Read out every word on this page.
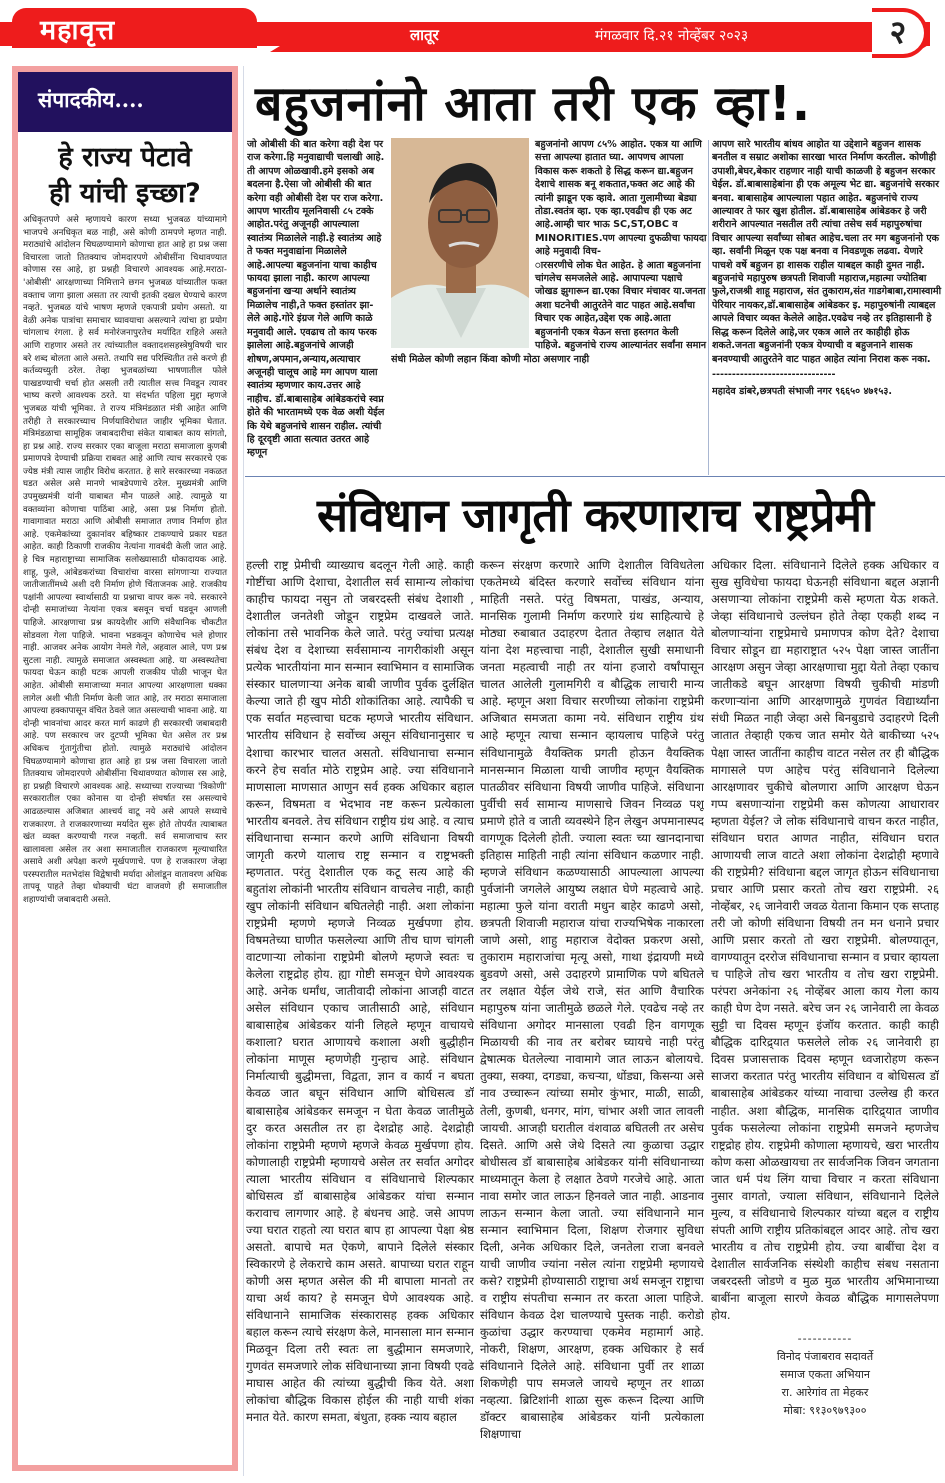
महावृत्त	लातूर	मंगळवार दि.२१ नोव्हेंबर २०२३	२
संपादकीय....
हे राज्य पेटावे
ही यांची इच्छा?
अधिकृतपणे असे म्हणायचे कारण सध्या भुजबळ यांच्यामागे भाजपचे अनधिकृत बळ नाही, असे कोणी ठामपणे म्हणत नाही. मराठ्यांचे आंदोलन चिघळण्यामागे कोणाचा हात आहे हा प्रश्न जसा विचारला जातो तितक्याच जोमदारपणे ओबीसींना चिथावण्यात कोणास रस आहे, हा प्रश्नही विचारणे आवश्यक आहे.मराठा-'ओबीसी' आरक्षणाच्या निमित्ताने छगन भुजबळ यांच्यातील फक्त वक्ताच जागा झाला असता तर त्याची इतकी दखल घेण्याचे कारण नव्हते. भुजबळ यांचे भाषण म्हणजे एकपात्री प्रयोग असतो. या वेळी अनेक पात्रांचा समाचार घ्यावयाचा असल्याने त्यांचा हा प्रयोग चांगलाच रंगला. हे सर्व मनोरंजनापुरतेच मर्यादित राहिले असते आणि राहणार असते तर त्यांच्यातील वक्तादशसहस्त्रेषुविषयी चार बरे शब्द बोलता आले असते. तथापि सद्य परिस्थितीत तसे करणे ही कर्तव्यच्युती ठरेल. तेव्हा भुजबळांच्या भाषणातील फोले पाखडण्याची चर्चा होत असली तरी त्यातील सत्त्व निवडून त्यावर भाष्य करणे आवश्यक ठरते. या संदर्भात पहिला मुद्दा म्हणजे भुजबळ यांची भूमिका. ते राज्य मंत्रिमंडळात मंत्री आहेत आणि तरीही ते सरकारच्याच निर्णयाविरोधात जाहीर भूमिका घेतात. मंत्रिमंडळाचा सामूहिक जबाबदारीचा संकेत याबाबत काय सांगतो, हा प्रश्न आहे. राज्य सरकार एका बाजूला मराठा समाजाला कुणबी प्रमाणपत्रे देण्याची प्रक्रिया राबवत आहे आणि त्याच सरकारचे एक ज्येष्ठ मंत्री त्यास जाहीर विरोध करतात. हे सारे सरकारच्या नकळत घडत असेल असे मानणे भाबडेपणाचे ठरेल. मुख्यमंत्री आणि उपमुख्यमंत्री यांनी याबाबत मौन पाळले आहे. त्यामुळे या वक्तव्यांना कोणाचा पाठिंबा आहे, असा प्रश्न निर्माण होतो. गावागावात मराठा आणि ओबीसी समाजात तणाव निर्माण होत आहे. एकमेकांच्या दुकानांवर बहिष्कार टाकण्याचे प्रकार घडत आहेत. काही ठिकाणी राजकीय नेत्यांना गावबंदी केली जात आहे. हे चित्र महाराष्ट्राच्या सामाजिक सलोख्यासाठी धोकादायक आहे. शाहू, फुले, आंबेडकरांच्या विचारांचा वारसा सांगणाऱ्या राज्यात जातीजातींमध्ये अशी दरी निर्माण होणे चिंताजनक आहे. राजकीय पक्षांनी आपल्या स्वार्थासाठी या प्रश्नाचा वापर करू नये. सरकारने दोन्ही समाजांच्या नेत्यांना एकत्र बसवून चर्चा घडवून आणली पाहिजे. आरक्षणाचा प्रश्न कायदेशीर आणि संवैधानिक चौकटीत सोडवला गेला पाहिजे. भावना भडकवून कोणाचेच भले होणार नाही. आजवर अनेक आयोग नेमले गेले, अहवाल आले, पण प्रश्न सुटला नाही. त्यामुळे समाजात अस्वस्थता आहे. या अस्वस्थतेचा फायदा घेऊन काही घटक आपली राजकीय पोळी भाजून घेत आहेत. ओबीसी समाजाच्या मनात आपल्या आरक्षणाला धक्का लागेल अशी भीती निर्माण केली जात आहे, तर मराठा समाजाला आपल्या हक्कापासून वंचित ठेवले जात असल्याची भावना आहे. या दोन्ही भावनांचा आदर करत मार्ग काढणे ही सरकारची जबाबदारी आहे. पण सरकारच जर दुटप्पी भूमिका घेत असेल तर प्रश्न अधिकच गुंतागुंतीचा होतो. त्यामुळे मराठ्यांचे आंदोलन चिघळण्यामागे कोणाचा हात आहे हा प्रश्न जसा विचारला जातो तितक्याच जोमदारपणे ओबीसींना चिथावण्यात कोणास रस आहे, हा प्रश्नही विचारणे आवश्यक आहे. सध्याच्या राज्याच्या 'त्रिकोणी' सरकारातील एका कोनास या दोन्ही संघर्षात रस असल्याचे आढळल्यास अजिबात आश्चर्य वाटू नये असे आपले सध्याचे राजकारण. ते राजकारणाच्या मर्यादेत सुरू होते तोपर्यंत त्याबाबत खंत व्यक्त करण्याची गरज नव्हती. सर्व समाजाचाच स्तर खालावला असेल तर अशा समाजातील राजकारण मूल्याधारित असावे अशी अपेक्षा करणे मूर्खपणाचे. पण हे राजकारण जेव्हा परस्परातील मतभेदांस विद्वेषाची मर्यादा ओलांडून वातावरण अधिक तापवू पाहते तेव्हा धोक्याची घंटा वाजवणे ही समाजातील शहाण्यांची जबाबदारी असते.
बहुजनांनो आता तरी एक व्हा!.
जो ओबीसी की बात करेगा वही देश पर राज करेगा.हि मनुवाद्याची चलाखी आहे. ती आपण ओळखावी.हमे इसको अब बदलना है.ऐसा जो ओबीसी की बात करेगा वही ओबीसी देश पर राज करेगा. आपण भारतीय मूलनिवासी ८५ टक्के आहोत.परंतु अजूनही आपल्याला स्वातंत्र्य मिळालेले नाही.हे स्वातंत्र्य आहे ते फक्त मनुवाद्यांना मिळालेले आहे.आपल्या बहुजनांना याचा काहीच फायदा झाला नाही. कारण आपल्या बहुजनांना खऱ्या अर्थाने स्वातंत्र्य मिळालेच नाही,ते फक्त हस्तांतर झा-
लेले आहे.गोरे इंग्रज गेले आणि काळे मनुवादी आले. एवढाच तो काय फरक झालेला आहे.बहुजनांचे आजही शोषण,अपमान,अन्याय,अत्याचार अजूनही चालूच आहे मग आपण याला स्वातंत्र्य म्हणणार काय.उत्तर आहे नाहीच. डॉ.बाबासाहेब आंबेडकरांचे स्वप्न होते की भारतामध्ये एक वेळ अशी येईल कि येथे बहुजनांचे शासन राहील. त्यांची हि दूरदृष्टी आता सत्यात उतरत आहे म्हणून
बहुजनांनो आपण ८५% आहोत. एकत्र या आणि सत्ता आपल्या हातात घ्या. आपणच आपला विकास करू शकतो हे सिद्ध करून द्या.बहुजन देशाचे शासक बनू शकतात,फक्त अट आहे की त्यांनी झाडून एक व्हावे. आता गुलामीच्या बेड्या तोडा.स्वतंत्र व्हा. एक व्हा.एवढीच ही एक अट आहे.आम्ही चार भाऊ SC,ST,OBC व MINORITIES.पण आपल्या दुफळीचा फायदा आहे मनुवादी विच-
ारसरणीचे लोक घेत आहेत. हे आता बहुजनांना चांगलेच समजलेले आहे. आपापल्या पक्षाचे जोखड झुगारून द्या.एका विचार मंचावर या.जनता अशा घटनेची आतुरतेने वाट पाहत आहे.सर्वांचा विचार एक आहेत,उद्देश एक आहे.आता बहुजनांनी एकत्र येऊन सत्ता हस्तगत केली पाहिजे. बहुजनांचे राज्य आल्यानंतर सर्वांना समान संधी मिळेल कोणी लहान किंवा कोणी मोठा असणार नाही
आपण सारे भारतीय बांधव आहोत या उद्देशाने बहुजन शासक बनतील व सम्राट अशोका सारखा भारत निर्माण करतील. कोणीही उपाशी,बेघर,बेकार राहणार नाही याची काळजी हे बहुजन सरकार घेईल. डॉ.बाबासाहेबांना ही एक अमूल्य भेट द्या. बहुजनांचे सरकार बनवा. बाबासाहेब आपल्याला पहात आहेत. बहुजनांचे राज्य आल्यावर ते फार खुश होतील. डॉ.बाबासाहेब आंबेडकर हे जरी शरीराने आपल्यात नसतील तरी त्यांचा तसेच सर्व महापुरुषांचा विचार आपल्या सर्वांच्या सोबत आहेच.चला तर मग बहुजनांनो एक व्हा. सर्वांनी मिळून एक पक्ष बनवा व निवडणूक लढवा. येणारे पाचशे वर्षे बहुजन हा शासक राहील याबद्दल काही दुमत नाही. बहुजनांचे महापुरुष छत्रपती शिवाजी महाराज,महात्मा ज्योतिबा फुले,राजश्री शाहू महाराज, संत तुकाराम,संत गाडगेबाबा,रामास्वामी पेरियार नायकर,डॉ.बाबासाहेब आंबेडकर इ. महापुरुषांनी त्याबद्दल आपले विचार व्यक्त केलेले आहेत.एवढेच नव्हे तर इतिहासानी हे सिद्ध करून दिलेले आहे,जर एकत्र आले तर काहीही होऊ शकते.जनता बहुजनांनी एकत्र येण्याची व बहुजनाने शासक बनवण्याची आतुरतेने वाट पाहत आहेत त्यांना निराश करू नका.
-------------------------------
महादेव डांबरे,छत्रपती संभाजी नगर ९६६५० ४७१५३.
संविधान जागृती करणाराच राष्ट्रप्रेमी
हल्ली राष्ट्र प्रेमीची व्याख्याच बदलून गेली आहे. काही गोष्टींचा आणि देशाचा, देशातील सर्व सामान्य लोकांचा काहीच फायदा नसुन तो जबरदस्ती संबंध देशाशी , देशातील जनतेशी जोडून राष्ट्रप्रेम दाखवले जाते. लोकांना तसे भावनिक केले जाते. परंतु ज्यांचा प्रत्यक्ष संबंध देश व देशाच्या सर्वसामान्य नागरीकांशी असून प्रत्येक भारतीयांना मान सन्मान स्वाभिमान व सामाजिक संस्कार घालणाऱ्या अनेक बाबी जाणीव पुर्वक दुर्लक्षित केल्या जाते ही खुप मोठी शोकांतिका आहे. त्यापैकी च एक सर्वात महत्त्वाचा घटक म्हणजे भारतीय संविधान. भारतीय संविधान हे सर्वोच्च असून संविधानानुसार च देशाचा कारभार चालत असतो. संविधानाचा सन्मान करने हेच सर्वात मोठे राष्ट्रप्रेम आहे. ज्या संविधानाने माणसाला माणसात आणुन सर्व हक्क अधिकार बहाल करून, विषमता व भेदभाव नष्ट करून प्रत्येकाला भारतीय बनवले. तेच संविधान राष्ट्रीय ग्रंथ आहे. व त्याच संविधानाचा सन्मान करणे आणि संविधाना विषयी जागृती करणे यालाच राष्ट्र सन्मान व राष्ट्रभक्ती म्हणतात. परंतु देशातील एक कटू सत्य आहे की बहुतांश लोकांनी भारतीय संविधान वाचलेच नाही, काही खुप लोकांनी संविधान बघितलेही नाही. अशा लोकांना राष्ट्रप्रेमी म्हणणे म्हणजे निव्वळ मुर्खपणा होय. विषमतेच्या घाणीत फसलेल्या आणि तीच घाण चांगली वाटणाऱ्या लोकांना राष्ट्रप्रेमी बोलणे म्हणजे स्वतः च केलेला राष्ट्रद्रोह होय. ह्या गोष्टी समजून घेणे आवश्यक आहे. अनेक धर्मांध, जातीवादी लोकांना आजही वाटत असेल संविधान एकाच जातीसाठी आहे, संविधान बाबासाहेब आंबेडकर यांनी लिहले म्हणून वाचायचे कशाला? घरात आणायचे कशाला अशी बुद्धीहीन लोकांना माणूस म्हणणेही गुन्हाच आहे. संविधान निर्मात्याची बुद्धीमत्ता, विद्वता, ज्ञान व कार्य न बघता केवळ जात बघून संविधान आणि बोधिसत्व डॉ बाबासाहेब आंबेडकर समजून न घेता केवळ जातीमुळे दुर करत असतील तर हा देशद्रोह आहे. देशद्रोही लोकांना राष्ट्रप्रेमी म्हणणे म्हणजे केवळ मुर्खपणा होय. कोणालाही राष्ट्रप्रेमी म्हणायचे असेल तर सर्वात अगोदर त्याला भारतीय संविधान व संविधानाचे शिल्पकार बोधिसत्व डॉ बाबासाहेब आंबेडकर यांचा सन्मान करावाच लागणार आहे. हे बंधनच आहे. जसे आपण ज्या घरात राहतो त्या घरात बाप हा आपल्या पेक्षा श्रेष्ठ असतो. बापाचे मत ऐकणे, बापाने दिलेले संस्कार स्विकारणे हे लेकराचे काम असते. बापाच्या घरात राहून कोणी अस म्हणत असेल की मी बापाला मानतो तर याचा अर्थ काय? हे समजून घेणे आवश्यक आहे. संविधानाने सामाजिक संस्कारासह हक्क अधिकार बहाल करून त्याचे संरक्षण केले, मानसाला मान सन्मान मिळवून दिला तरी स्वतः ला बुद्धीमान समजणारे, गुणवंत समजणारे लोक संविधानाच्या ज्ञाना विषयी एवढे माघास आहेत की त्यांच्या बुद्धीची किव येते. अशा लोकांचा बौद्धिक विकास होईल की नाही याची शंका मनात येते. कारण समता, बंधुता, हक्क न्याय बहाल
करून संरक्षण करणारे आणि देशातील विविधतेला एकतेमध्ये बंदिस्त करणारे सर्वोच्च संविधान यांना माहिती नसते. परंतु विषमता, पाखंड, अन्याय, मानसिक गुलामी निर्माण करणारे ग्रंथ साहित्याचे हे मोठ्या रुबाबात उदाहरण देतात तेव्हाच लक्षात येते यांना देश महत्त्वाचा नाही, देशातील सुखी समाधानी जनता महत्वाची नाही तर यांना हजारो वर्षांपासून चालत आलेली गुलामगिरी व बौद्धिक लाचारी मान्य आहे. म्हणून अशा विचार सरणीच्या लोकांना राष्ट्रप्रेमी अजिबात समजता कामा नये. संविधान राष्ट्रीय ग्रंथ आहे म्हणून त्याचा सन्मान व्हायलाच पाहिजे परंतु संविधानामुळे वैयक्तिक प्रगती होऊन वैयक्तिक मानसन्मान मिळाला याची जाणीव म्हणून वैयक्तिक पातळीवर संविधाना विषयी जाणीव पाहिजे. संविधाना पुर्वीची सर्व सामान्य माणसाचे जिवन निव्वळ पशू प्रमाणे होते व जाती व्यवस्थेने हिन लेखुन अपमानास्पद वागणूक दिलेली होती. ज्याला स्वतः च्या खानदानाचा इतिहास माहिती नाही त्यांना संविधान कळणार नाही. म्हणजे संविधान कळण्यासाठी आपल्याला आपल्या पुर्वजांनी जगलेले आयुष्य लक्षात घेणे महत्वाचे आहे. महात्मा फुले यांना वराती मधुन बाहेर काढणे असो, छत्रपती शिवाजी महाराज यांचा राज्यभिषेक नाकारला जाणे असो, शाहु महाराज वेदोक्त प्रकरण असो, तुकाराम महाराजांचा मृत्यू असो, गाथा इंद्रायणी मध्ये बुडवणे असो, असे उदाहरणे प्रामाणिक पणे बघितले तर लक्षात येईल जेथे राजे, संत आणि वैचारिक महापुरुष यांना जातीमुळे छळले गेले. एवढेच नव्हे तर संविधाना अगोदर मानसाला एवढी हिन वागणूक मिळायची की नाव तर बरोबर घ्यायचे नाही परंतु द्वेषात्मक घेतलेल्या नावामागे जात लाऊन बोलायचे. तुक्या, सक्या, दगड्या, कचऱ्या, धोंड्या, किसन्या असे नाव उच्चारून त्यांच्या समोर कुंभार, माळी, साळी, तेली, कुणबी, धनगर, मांग, चांभार अशी जात लावली जायची. आजही घरातील वंशवाळ बघितली तर असेच दिसते. आणि असे जेथे दिसते त्या कुळाचा उद्धार बोधीसत्व डॉ बाबासाहेब आंबेडकर यांनी संविधानाच्या माध्यमातून केला हे लक्षात ठेवणे गरजेचे आहे. आता नावा समोर जात लाऊन हिनवले जात नाही. आडनाव लाऊन सन्मान केला जातो. ज्या संविधानाने मान सन्मान स्वाभिमान दिला, शिक्षण रोजगार सुविधा दिली, अनेक अधिकार दिले, जनतेला राजा बनवले याची जाणीव ज्यांना नसेल त्यांना राष्ट्रप्रेमी म्हणायचे कसे? राष्ट्रप्रेमी होण्यासाठी राष्ट्राचा अर्थ समजून राष्ट्राचा व राष्ट्रीय संपतीचा सन्मान तर करता आला पाहिजे. संविधान केवळ देश चालण्याचे पुस्तक नाही. करोडो कुळांचा उद्धार करण्याचा एकमेव महामार्ग आहे. नोकरी, शिक्षण, आरक्षण, हक्क अधिकार हे सर्व संविधानाने दिलेले आहे. संविधाना पुर्वी तर शाळा शिकणेही पाप समजले जायचे म्हणून तर शाळा नव्हत्या. ब्रिटिशांनी शाळा सुरू करून दिल्या आणि डॉक्टर बाबासाहेब आंबेडकर यांनी प्रत्येकाला शिक्षणाचा
अधिकार दिला. संविधानाने दिलेले हक्क अधिकार व सुख सुविधेचा फायदा घेऊनही संविधाना बद्दल अज्ञानी असणाऱ्या लोकांना राष्ट्रप्रेमी कसे म्हणता येऊ शकते. जेव्हा संविधानाचे उल्लंघन होते तेव्हा एकही शब्द न बोलणाऱ्यांना राष्ट्रप्रेमाचे प्रमाणपत्र कोण देते? देशाचा विचार सोडून द्या महाराष्ट्रात ५२५ पेक्षा जास्त जातींना आरक्षण असुन जेव्हा आरक्षणाचा मुद्दा येतो तेव्हा एकाच जातीकडे बघून आरक्षणा विषयी चुकीची मांडणी करणाऱ्यांना आणि आरक्षणामुळे गुणवंत विद्यार्थ्यांना संधी मिळत नाही जेव्हा असे बिनबुडाचे उदाहरणे दिली जातात तेव्हाही एकच जात समोर येते बाकीच्या ५२५ पेक्षा जास्त जातींना काहीच वाटत नसेल तर ही बौद्धिक मागासले पण आहेच परंतु संविधानाने दिलेल्या आरक्षणावर चुकीचे बोलणारा आणि आरक्षण घेऊन गप्प बसणाऱ्यांना राष्ट्रप्रेमी कस कोणत्या आधारावर म्हणता येईल? जे लोक संविधानाचे वाचन करत नाहीत, संविधान घरात आणत नाहीत, संविधान घरात आणायची लाज वाटते अशा लोकांना देशद्रोही म्हणावे की राष्ट्रप्रेमी? संविधाना बद्दल जागृत होऊन संविधानाचा प्रचार आणि प्रसार करतो तोच खरा राष्ट्रप्रेमी. २६ नोव्हेंबर, २६ जानेवारी जवळ येताना किमान एक सप्ताह तरी जो कोणी संविधाना विषयी तन मन धनाने प्रचार आणि प्रसार करतो तो खरा राष्ट्रप्रेमी. बोलण्यातून, वागण्यातून दररोज संविधानाचा सन्मान व प्रचार व्हायला च पाहिजे तोच खरा भारतीय व तोच खरा राष्ट्रप्रेमी. परंपरा अनेकांना २६ नोव्हेंबर आला काय गेला काय काही घेण देण नसते. बरेच जन २६ जानेवारी ला केवळ सुट्टी चा दिवस म्हणून इंजॉय करतात. काही काही बौद्धिक दारिद्र्यात फसलेले लोक २६ जानेवारी हा दिवस प्रजासत्ताक दिवस म्हणून ध्वजारोहण करून साजरा करतात परंतु भारतीय संविधान व बोधिसत्व डॉ बाबासाहेब आंबेडकर यांच्या नावाचा उल्लेख ही करत नाहीत. अशा बौद्धिक, मानसिक दारिद्र्यात जाणीव पुर्वक फसलेल्या लोकांना राष्ट्रप्रेमी समजने म्हणजेच राष्ट्रद्रोह होय. राष्ट्रप्रेमी कोणाला म्हणायचे, खरा भारतीय कोण कसा ओळखायचा तर सार्वजनिक जिवन जगताना जात धर्म पंथ लिंग याचा विचार न करता संविधाना नुसार वागतो, ज्याला संविधान, संविधानाने दिलेले मुल्य, व संविधानाचे शिल्पकार यांच्या बद्दल व राष्ट्रीय संपती आणि राष्ट्रीय प्रतिकांबद्दल आदर आहे. तोच खरा भारतीय व तोच राष्ट्रप्रेमी होय. ज्या बाबींचा देश व देशातील सार्वजनिक संस्थेशी काहीच संबध नसताना जबरदस्ती जोडणे व मुळ मुळ भारतीय अभिमानाच्या बाबींना बाजूला सारणे केवळ बौद्धिक मागासलेपणा होय.
-----------
विनोद पंजाबराव सदावर्ते
समाज एकता अभियान
रा. आरेगांव ता मेहकर
मोबा: ९१३०९७९३००
